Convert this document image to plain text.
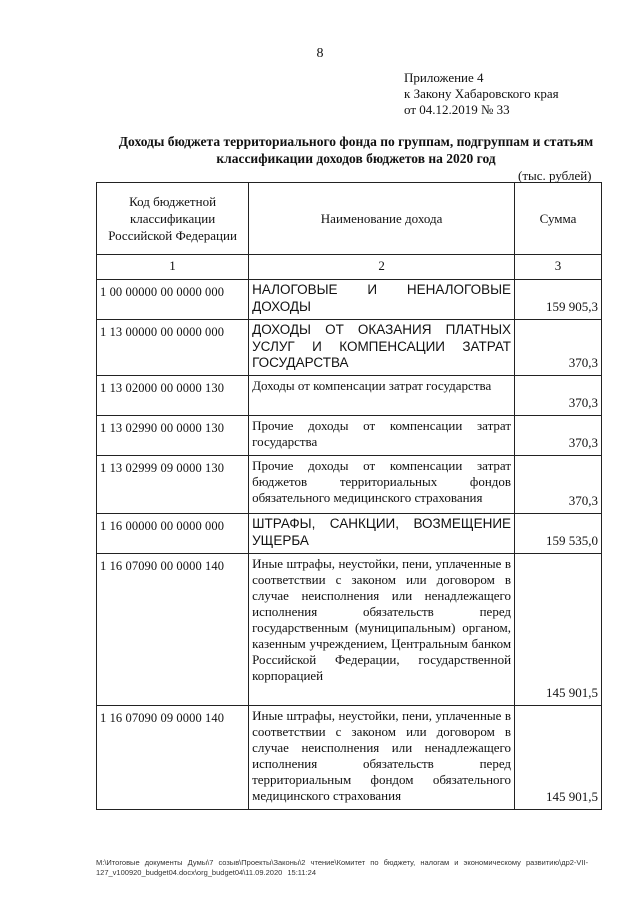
8
Приложение 4
к Закону Хабаровского края
от 04.12.2019 № 33
Доходы бюджета территориального фонда по группам, подгруппам и статьям классификации доходов бюджетов на 2020 год
(тыс. рублей)
Код бюджетной классификации Российской Федерации	Наименование дохода	Сумма
1	2	3
1 00 00000 00 0000 000	НАЛОГОВЫЕ И НЕНАЛОГОВЫЕ ДОХОДЫ	159 905,3
1 13 00000 00 0000 000	ДОХОДЫ ОТ ОКАЗАНИЯ ПЛАТНЫХ УСЛУГ И КОМПЕНСАЦИИ ЗАТРАТ ГОСУДАРСТВА	370,3
1 13 02000 00 0000 130	Доходы от компенсации затрат государства	370,3
1 13 02990 00 0000 130	Прочие доходы от компенсации затрат государства	370,3
1 13 02999 09 0000 130	Прочие доходы от компенсации затрат бюджетов территориальных фондов обязательного медицинского страхования	370,3
1 16 00000 00 0000 000	ШТРАФЫ, САНКЦИИ, ВОЗМЕЩЕНИЕ УЩЕРБА	159 535,0
1 16 07090 00 0000 140	Иные штрафы, неустойки, пени, уплаченные в соответствии с законом или договором в случае неисполнения или ненадлежащего исполнения обязательств перед государственным (муниципальным) органом, казенным учреждением, Центральным банком Российской Федерации, государственной корпорацией	145 901,5
1 16 07090 09 0000 140	Иные штрафы, неустойки, пени, уплаченные в соответствии с законом или договором в случае неисполнения или ненадлежащего исполнения обязательств перед территориальным фондом обязательного медицинского страхования	145 901,5
М:\Итоговые документы Думы\7 созыв\Проекты\Законы\2 чтение\Комитет по бюджету, налогам и экономическому развитию\др2-VII-127_v100920_budget04.docx\org_budget04\11.09.2020 15:11:24
